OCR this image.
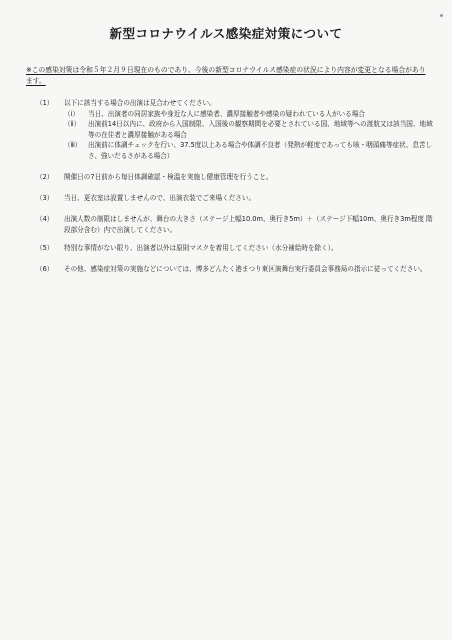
新型コロナウイルス感染症対策について
※この感染対策は令和５年２月９日現在のものであり、今後の新型コロナウイルス感染症の状況により内容が変更となる場合があります。
（1）	以下に該当する場合の出演は見合わせてください。
（ⅰ）	当日、出演者の同居家族や身近な人に感染者、濃厚接触者や感染の疑われている人がいる場合
（ⅱ）	出演前14日以内に、政府から入国制限、入国後の観察期間を必要とされている国、地域等への渡航又は該当国、地域等の在住者と濃厚接触がある場合
（ⅲ）	出演前に体調チェックを行い、37.5度以上ある場合や体調不良者（発熱が軽度であっても咳・咽頭痛等症状、息苦しさ、強いだるさがある場合）
（2）	開催日の7日前から毎日体調確認・検温を実施し健康管理を行うこと。
（3）	当日、更衣室は設置しませんので、出演衣装でご来場ください。
（4）	出演人数の制限はしませんが、舞台の大きさ（ステージ上幅10.0m、奥行き5m）＋（ステージ下幅10m、奥行き3m程度 階段部分含む）内で出演してください。
（5）	特別な事情がない限り、出演者以外は原則マスクを着用してください（水分補給時を除く）。
（6）	その他、感染症対策の実施などについては、博多どんたく港まつり東区演舞台実行委員会事務局の指示に従ってください。
